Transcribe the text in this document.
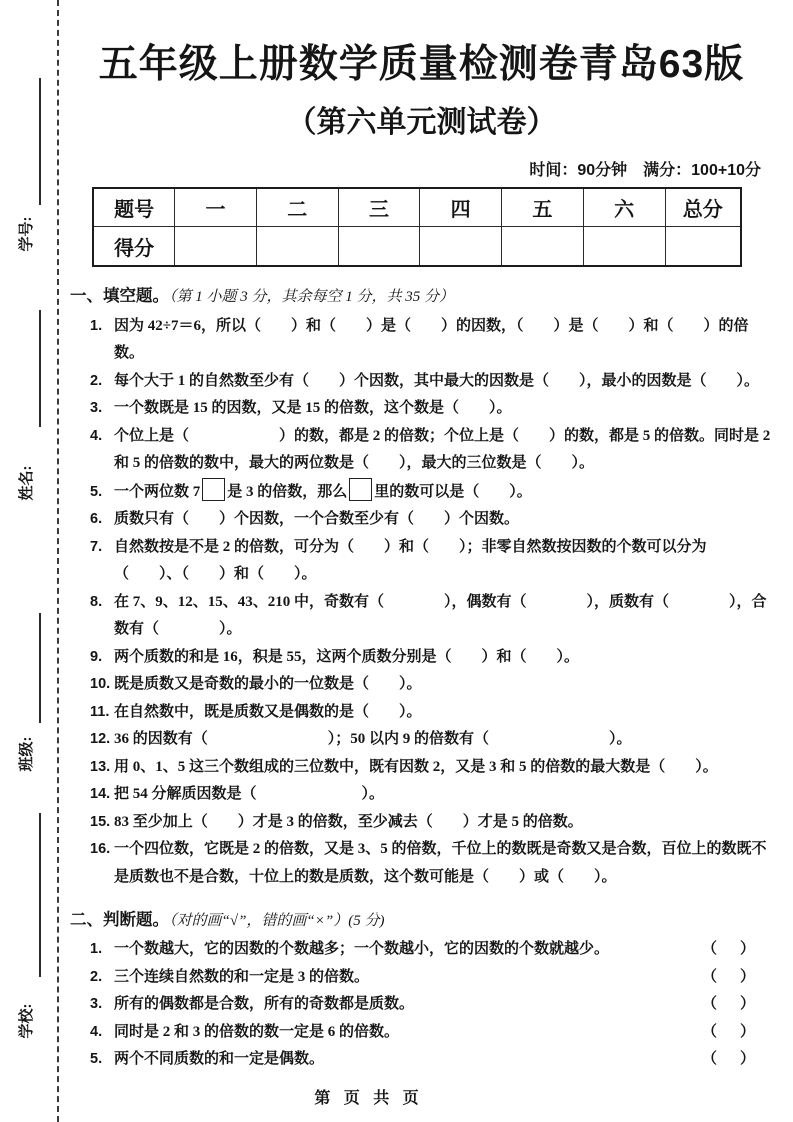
学号:
姓名:
班级:
学校:
五年级上册数学质量检测卷青岛63版
（第六单元测试卷）
时间：90分钟　满分：100+10分
题号	一	二	三	四	五	六	总分
得分							
一、填空题。（第 1 小题 3 分，其余每空 1 分，共 35 分）
1. 因为 42÷7＝6，所以（　　）和（　　）是（　　）的因数，（　　）是（　　）和（　　）的倍数。
2. 每个大于 1 的自然数至少有（　　）个因数，其中最大的因数是（　　），最小的因数是（　　）。
3. 一个数既是 15 的因数，又是 15 的倍数，这个数是（　　）。
4. 个位上是（　　　　　　）的数，都是 2 的倍数；个位上是（　　）的数，都是 5 的倍数。同时是 2 和 5 的倍数的数中，最大的两位数是（　　），最大的三位数是（　　）。
5. 一个两位数 7 是 3 的倍数，那么 里的数可以是（　　）。
6. 质数只有（　　）个因数，一个合数至少有（　　）个因数。
7. 自然数按是不是 2 的倍数，可分为（　　）和（　　）；非零自然数按因数的个数可以分为（　　）、（　　）和（　　）。
8. 在 7、9、12、15、43、210 中，奇数有（　　　　），偶数有（　　　　），质数有（　　　　），合数有（　　　　）。
9. 两个质数的和是 16，积是 55，这两个质数分别是（　　）和（　　）。
10. 既是质数又是奇数的最小的一位数是（　　）。
11. 在自然数中，既是质数又是偶数的是（　　）。
12. 36 的因数有（　　　　　　　　）；50 以内 9 的倍数有（　　　　　　　　）。
13. 用 0、1、5 这三个数组成的三位数中，既有因数 2，又是 3 和 5 的倍数的最大数是（　　）。
14. 把 54 分解质因数是（　　　　　　　）。
15. 83 至少加上（　　）才是 3 的倍数，至少减去（　　）才是 5 的倍数。
16. 一个四位数，它既是 2 的倍数，又是 3、5 的倍数，千位上的数既是奇数又是合数，百位上的数既不是质数也不是合数，十位上的数是质数，这个数可能是（　　）或（　　）。
二、判断题。（对的画“√”，错的画“×”）(5 分)
1. 一个数越大，它的因数的个数越多；一个数越小，它的因数的个数就越少。	（　）
2. 三个连续自然数的和一定是 3 的倍数。	（　）
3. 所有的偶数都是合数，所有的奇数都是质数。	（　）
4. 同时是 2 和 3 的倍数的数一定是 6 的倍数。	（　）
5. 两个不同质数的和一定是偶数。	（　）
第 页 共 页
